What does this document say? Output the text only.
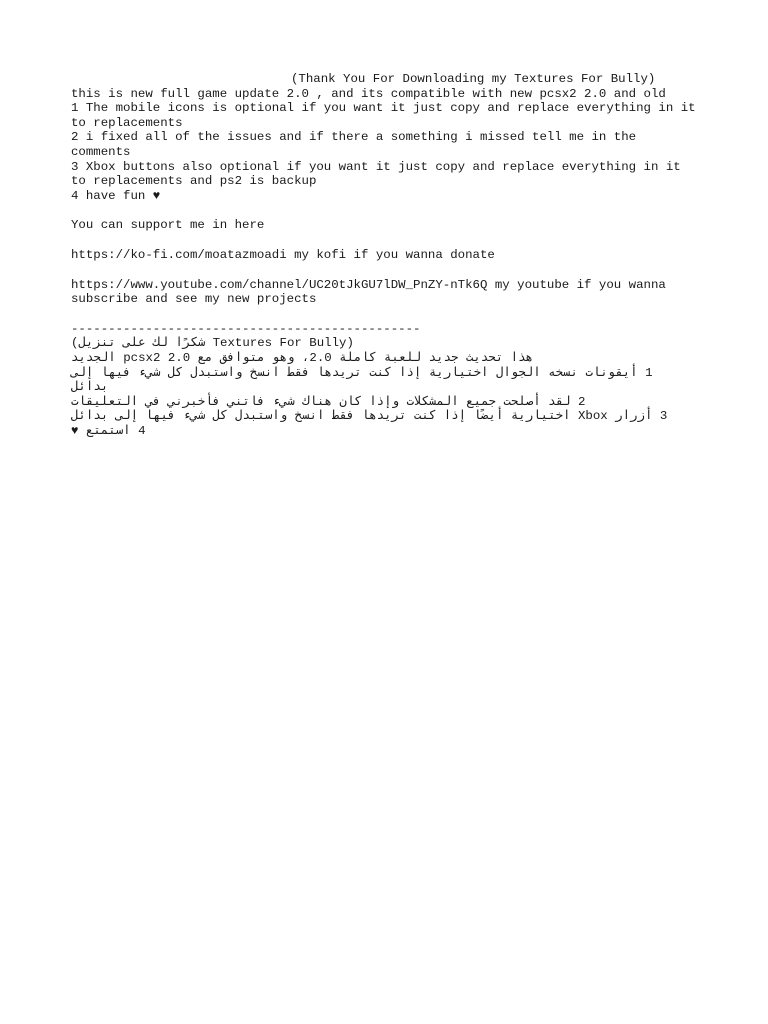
(Thank You For Downloading my Textures For Bully)

this is new full game update 2.0 , and its compatible with new pcsx2 2.0 and old

1 The mobile icons is optional if you want it just copy and replace everything in it to replacements

2 i fixed all of the issues and if there a something i missed tell me in the comments

3 Xbox buttons also optional if you want it just copy and replace everything in it to replacements and ps2 is backup

4 have fun ♥

You can support me in here

https://ko-fi.com/moatazmoadi my kofi if you wanna donate

https://www.youtube.com/channel/UC20tJkGU7lDW_PnZY-nTk6Q my youtube if you wanna subscribe and see my new projects

-----------------------------------------------

(شكرًا لك على تنزيل Textures For Bully)

هذا تحديث جديد للعبة كاملة 2.0، وهو متوافق مع pcsx2 2.0 الجديد

1 أيقونات نسخه الجوال اختيارية إذا كنت تريدها فقط انسخ واستبدل كل شيء فيها إلى بدائل

2 لقد أصلحت جميع المشكلات وإذا كان هناك شيء فاتني فأخبرني في التعليقات

3 أزرار Xbox اختيارية أيضًا إذا كنت تريدها فقط انسخ واستبدل كل شيء فيها إلى بدائل

4 استمتع ♥
